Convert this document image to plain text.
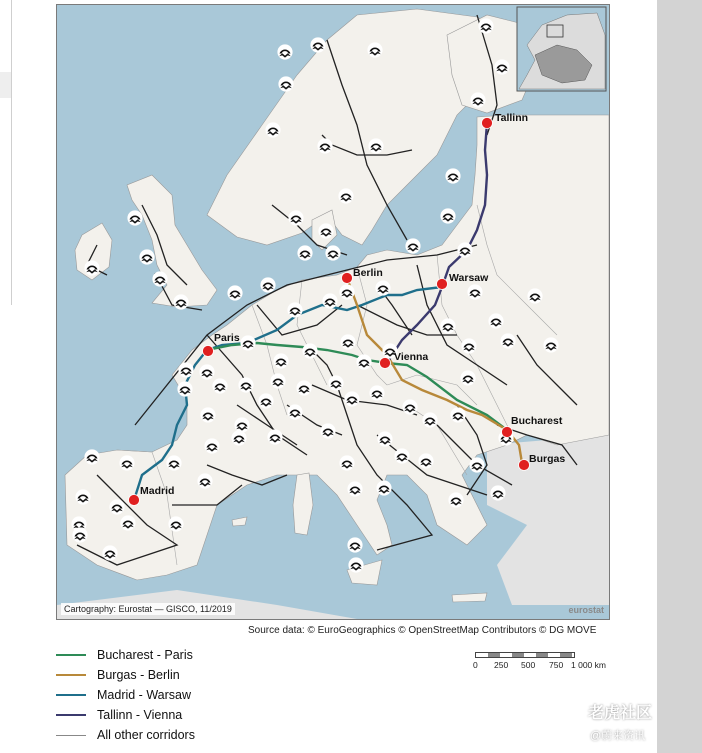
Tallinn
Berlin	Warsaw
Paris
Vienna
Bucharest
Burgas
Madrid
Cartography: Eurostat — GISCO, 11/2019	eurostat
Source data: © EuroGeographics © OpenStreetMap Contributors © DG MOVE
Bucharest - Paris
Burgas - Berlin
Madrid - Warsaw
Tallinn - Vienna
All other corridors
0 250 500 750 1 000 km
老虎社区
@蔚来资讯
